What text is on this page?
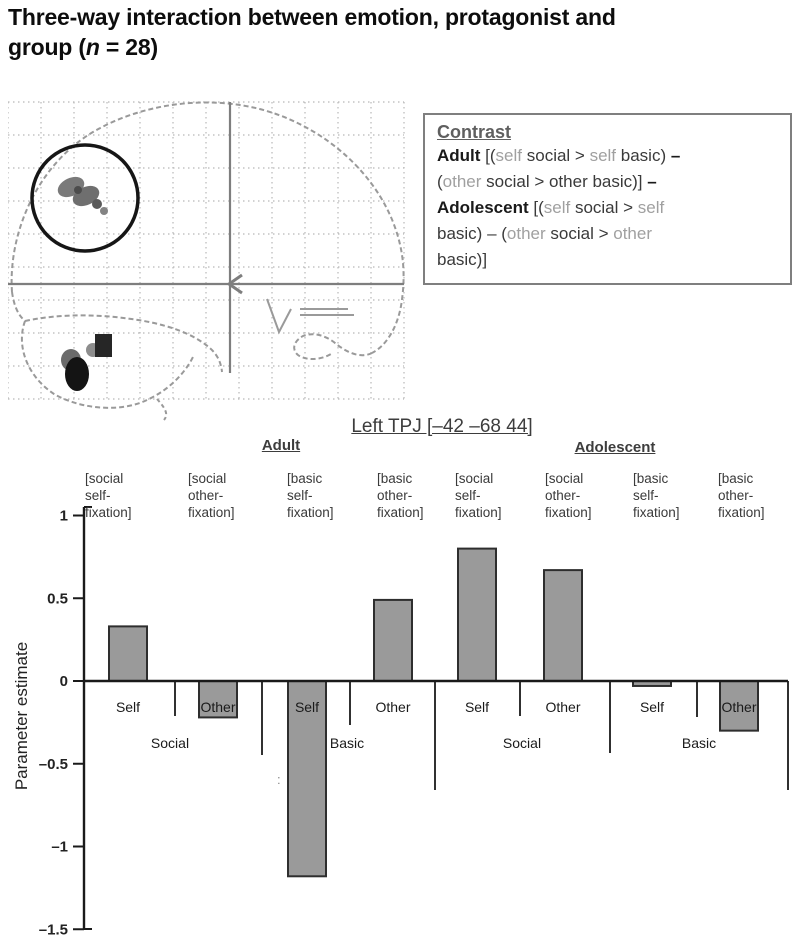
Three-way interaction between emotion, protagonist and
group (n = 28)
Contrast
Adult [(self social > self basic) –
(other social > other basic)] –
Adolescent [(self social > self
basic) – (other social > other
basic)]
1
0.5
0
–0.5
–1
–1.5
Self	Other	Self	Other	Self	Other	Self	Other
Social	Basic	Social	Basic
:
[social
self-
fixation]
[social
other-
fixation]
[basic
self-
fixation]
[basic
other-
fixation]
[social
self-
fixation]
[social
other-
fixation]
[basic
self-
fixation]
[basic
other-
fixation]
Adult	Adolescent
Left TPJ [–42 –68 44]
Parameter estimate
